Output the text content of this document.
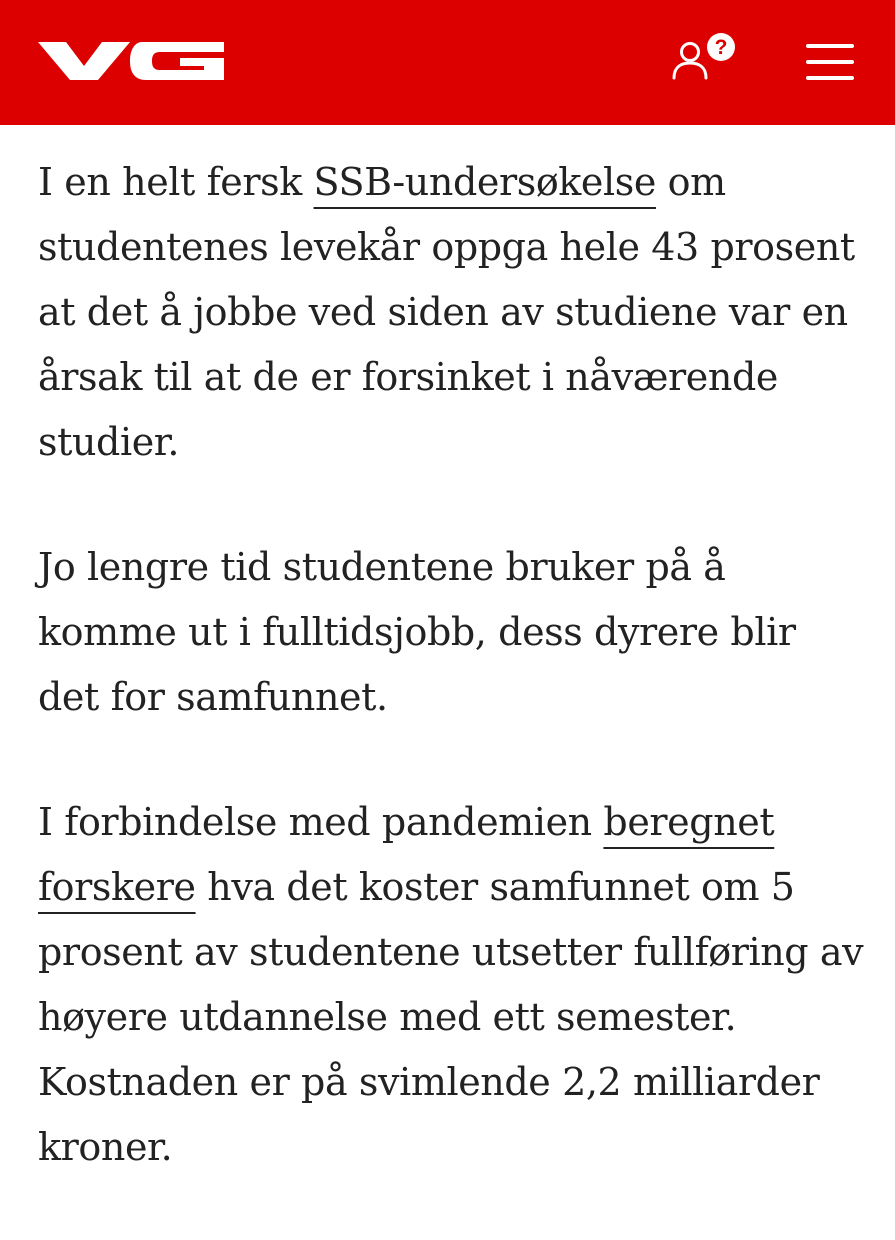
?

I en helt fersk SSB-undersøkelse om studentenes levekår oppga hele 43 prosent at det å jobbe ved siden av studiene var en årsak til at de er forsinket i nåværende studier.

Jo lengre tid studentene bruker på å komme ut i fulltidsjobb, dess dyrere blir det for samfunnet.

I forbindelse med pandemien beregnet forskere hva det koster samfunnet om 5 prosent av studentene utsetter fullføring av høyere utdannelse med ett semester. Kostnaden er på svimlende 2,2 milliarder kroner.
